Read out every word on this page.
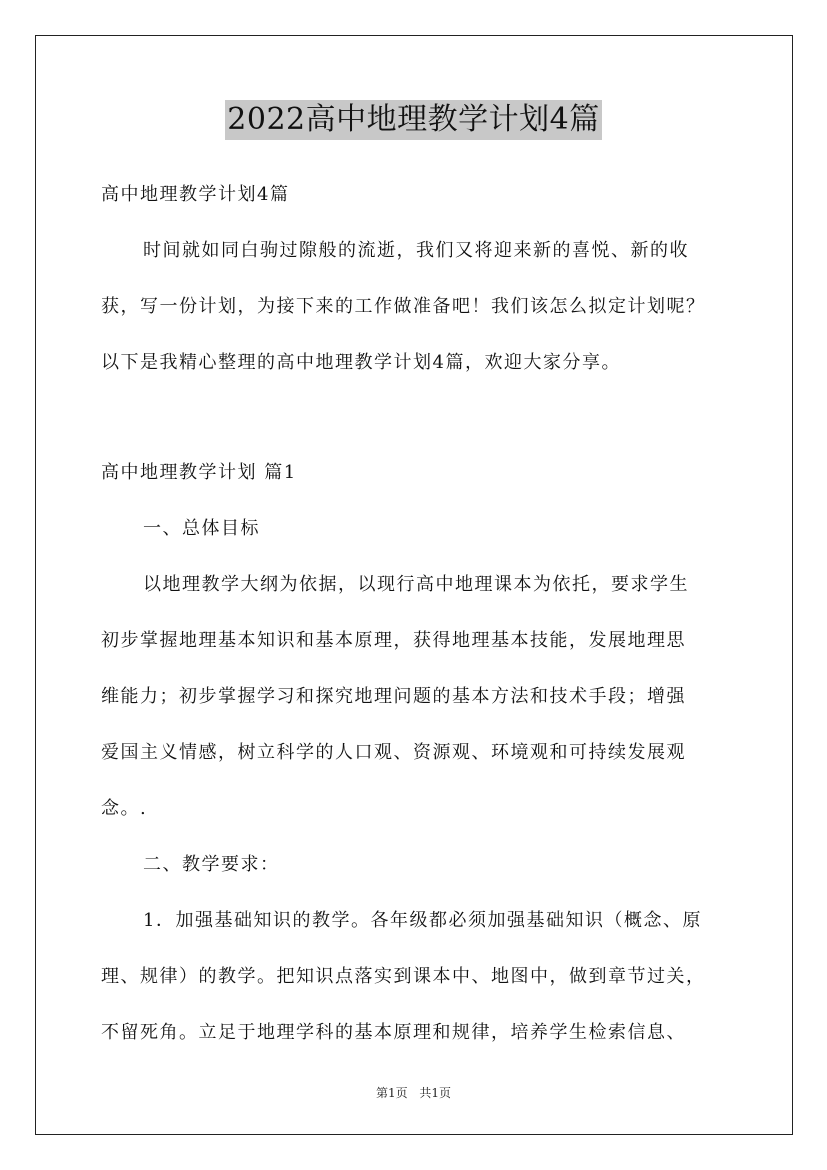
2022高中地理教学计划4篇
高中地理教学计划4篇
时间就如同白驹过隙般的流逝，我们又将迎来新的喜悦、新的收
获，写一份计划，为接下来的工作做准备吧！我们该怎么拟定计划呢？
以下是我精心整理的高中地理教学计划4篇，欢迎大家分享。
高中地理教学计划 篇1
一、总体目标
以地理教学大纲为依据，以现行高中地理课本为依托，要求学生
初步掌握地理基本知识和基本原理，获得地理基本技能，发展地理思
维能力；初步掌握学习和探究地理问题的基本方法和技术手段；增强
爱国主义情感，树立科学的人口观、资源观、环境观和可持续发展观
念。.
二、教学要求：
1．加强基础知识的教学。各年级都必须加强基础知识（概念、原
理、规律）的教学。把知识点落实到课本中、地图中，做到章节过关，
不留死角。立足于地理学科的基本原理和规律，培养学生检索信息、
第1页 共1页
